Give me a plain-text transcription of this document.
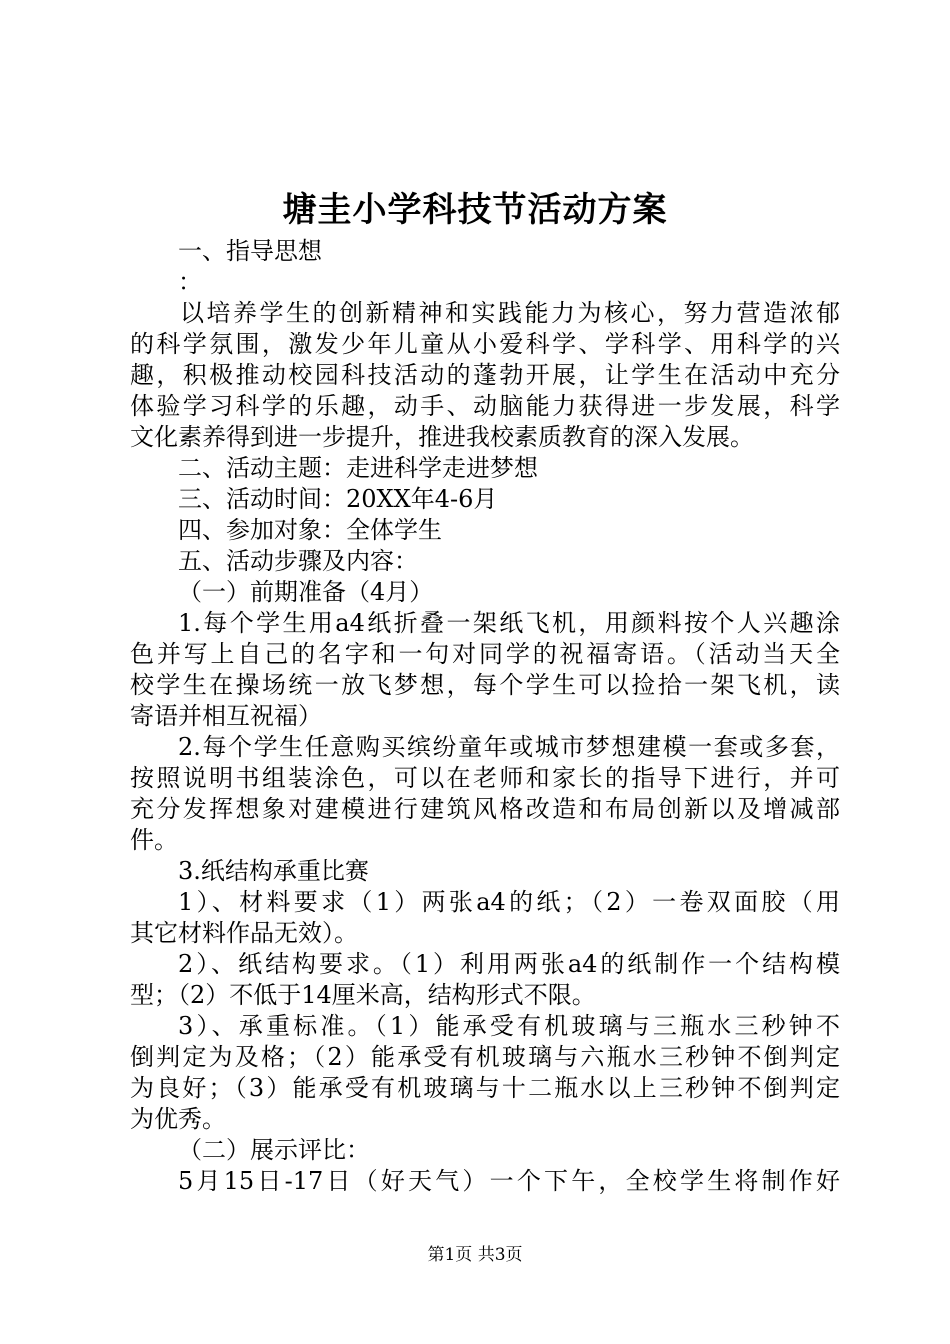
塘圭小学科技节活动方案
一、指导思想
：
以培养学生的创新精神和实践能力为核心，努力营造浓郁
的科学氛围，激发少年儿童从小爱科学、学科学、用科学的兴
趣，积极推动校园科技活动的蓬勃开展，让学生在活动中充分
体验学习科学的乐趣，动手、动脑能力获得进一步发展，科学
文化素养得到进一步提升，推进我校素质教育的深入发展。
二、活动主题：走进科学走进梦想
三、活动时间：20XX年4-6月
四、参加对象：全体学生
五、活动步骤及内容：
（一）前期准备（4月）
1.每个学生用a4纸折叠一架纸飞机，用颜料按个人兴趣涂
色并写上自己的名字和一句对同学的祝福寄语。（活动当天全
校学生在操场统一放飞梦想，每个学生可以捡拾一架飞机，读
寄语并相互祝福）
2.每个学生任意购买缤纷童年或城市梦想建模一套或多套，
按照说明书组装涂色，可以在老师和家长的指导下进行，并可
充分发挥想象对建模进行建筑风格改造和布局创新以及增减部
件。
3.纸结构承重比赛
1）、材料要求（1）两张a4的纸；（2）一卷双面胶（用
其它材料作品无效）。
2）、纸结构要求。（1）利用两张a4的纸制作一个结构模
型；（2）不低于14厘米高，结构形式不限。
3）、承重标准。（1）能承受有机玻璃与三瓶水三秒钟不
倒判定为及格；（2）能承受有机玻璃与六瓶水三秒钟不倒判定
为良好；（3）能承受有机玻璃与十二瓶水以上三秒钟不倒判定
为优秀。
（二）展示评比：
5月15日-17日（好天气）一个下午，全校学生将制作好
第1页 共3页
